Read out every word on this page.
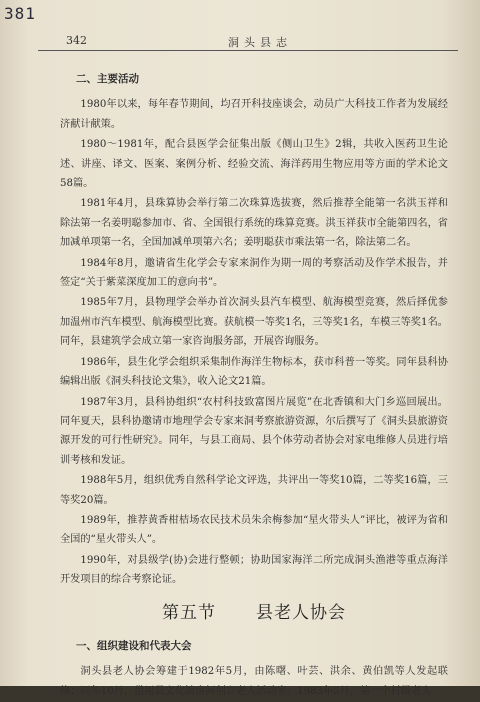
381
342	洞头县志
二、主要活动

1980年以来，每年春节期间，均召开科技座谈会，动员广大科技工作者为发展经济献计献策。

1980～1981年，配合县医学会征集出版《侧山卫生》2辑，共收入医药卫生论述、讲座、译文、医案、案例分析、经验交流、海洋药用生物应用等方面的学术论文58篇。

1981年4月，县珠算协会举行第二次珠算选拔赛，然后推荐全能第一名洪玉祥和除法第一名姜明聪参加市、省、全国银行系统的珠算竞赛。洪玉祥获市全能第四名，省加减单项第一名，全国加减单项第六名；姜明聪获市乘法第一名，除法第二名。

1984年8月，邀请省生化学会专家来洞作为期一周的考察活动及作学术报告，并签定“关于紫菜深度加工的意向书”。

1985年7月，县物理学会举办首次洞头县汽车模型、航海模型竞赛，然后择优参加温州市汽车模型、航海模型比赛。获航模一等奖1名，三等奖1名，车模三等奖1名。同年，县建筑学会成立第一家咨询服务部，开展咨询服务。

1986年，县生化学会组织采集制作海洋生物标本，获市科普一等奖。同年县科协编辑出版《洞头科技论文集》，收入论文21篇。

1987年3月，县科协组织“农村科技致富图片展览”在北香镇和大门乡巡回展出。同年夏天，县科协邀请市地理学会专家来洞考察旅游资源，尔后撰写了《洞头县旅游资源开发的可行性研究》。同年，与县工商局、县个体劳动者协会对家电维修人员进行培训考核和发证。

1988年5月，组织优秀自然科学论文评选，共评出一等奖10篇，二等奖16篇，三等奖20篇。

1989年，推荐黄香柑桔场农民技术员朱余梅参加“星火带头人”评比，被评为省和全国的“星火带头人”。

1990年，对县级学(协)会进行整顿；协助国家海洋二所完成洞头渔港等重点海洋开发项目的综合考察论证。

第五节 县老人协会
一、组织建设和代表大会

洞头县老人协会筹建于1982年5月，由陈曙、叶芸、洪余、黄伯凯等人发起联络；同年10月，借用县文化馆房间创立老人活动室。1983年5月，第一个村级老人
